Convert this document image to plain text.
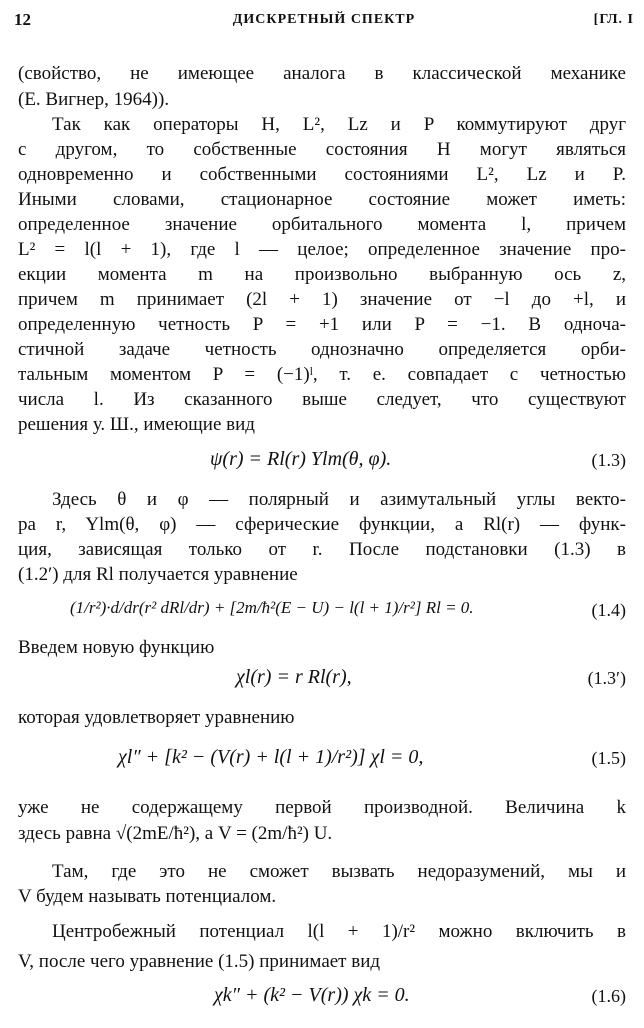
12	ДИСКРЕТНЫЙ СПЕКТР	[ГЛ. I
(свойство, не имеющее аналога в классической механике
(Е. Вигнер, 1964)).
Так как операторы H, L², Lz и P коммутируют друг
с другом, то собственные состояния H могут являться
одновременно и собственными состояниями L², Lz и P.
Иными словами, стационарное состояние может иметь:
определенное значение орбитального момента l, причем
L² = l(l + 1), где l — целое; определенное значение про-
екции момента m на произвольно выбранную ось z,
причем m принимает (2l + 1) значение от −l до +l, и
определенную четность P = +1 или P = −1. В одноча-
стичной задаче четность однозначно определяется орби-
тальным моментом P = (−1)ˡ, т. е. совпадает с четностью
числа l. Из сказанного выше следует, что существуют
решения у. Ш., имеющие вид
ψ(r) = Rl(r) Ylm(θ, φ).	(1.3)
Здесь θ и φ — полярный и азимутальный углы векто-
ра r, Ylm(θ, φ) — сферические функции, а Rl(r) — функ-
ция, зависящая только от r. После подстановки (1.3) в
(1.2′) для Rl получается уравнение
(1/r²)·d/dr(r² dRl/dr) + [2m/ħ²(E − U) − l(l + 1)/r²] Rl = 0.	(1.4)
Введем новую функцию
χl(r) = r Rl(r),	(1.3′)
которая удовлетворяет уравнению
χl″ + [k² − (V(r) + l(l + 1)/r²)] χl = 0,	(1.5)
уже не содержащему первой производной. Величина k
здесь равна √(2mE/ħ²), а V = (2m/ħ²) U.
Там, где это не сможет вызвать недоразумений, мы и
V будем называть потенциалом.
Центробежный потенциал l(l + 1)/r² можно включить в
V, после чего уравнение (1.5) принимает вид
χk″ + (k² − V(r)) χk = 0.	(1.6)
